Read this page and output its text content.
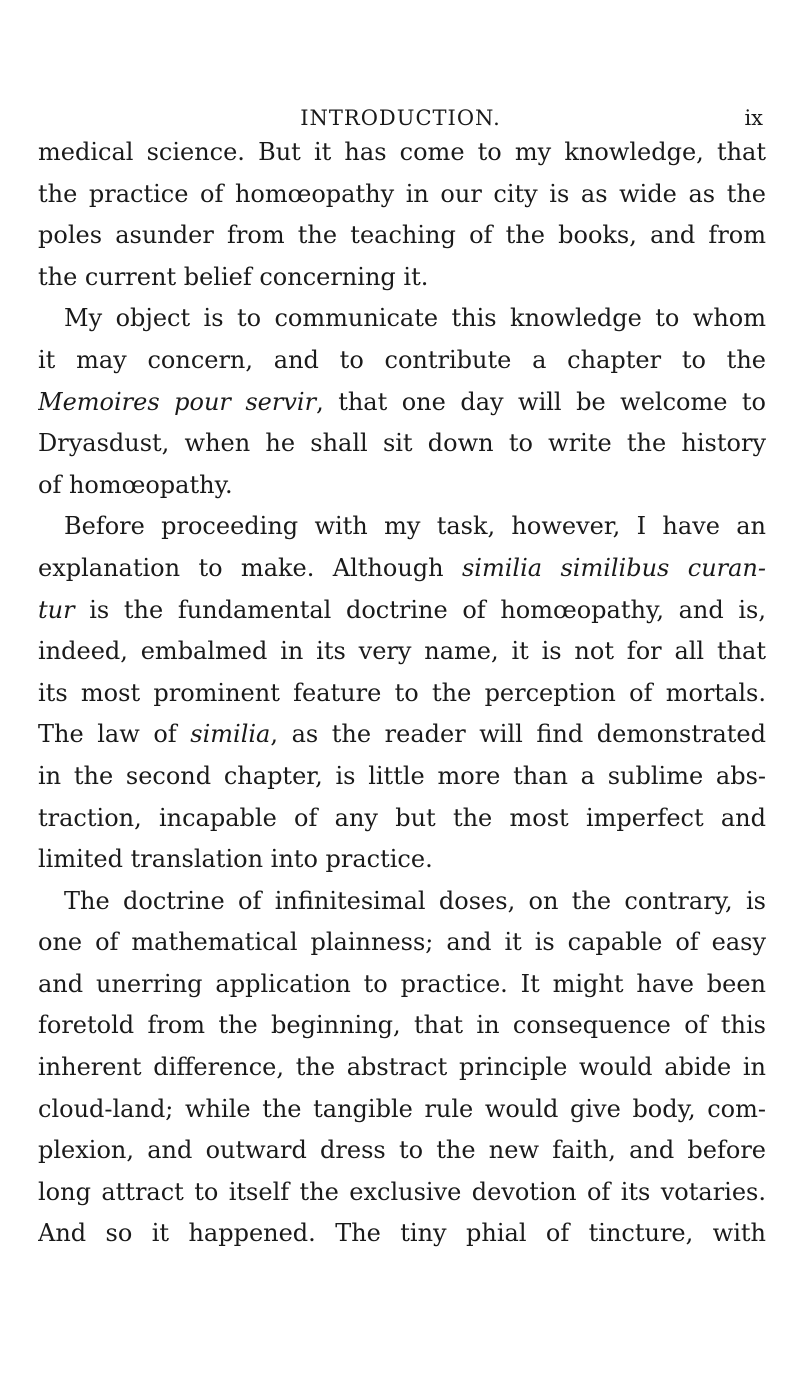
INTRODUCTION.	ix
medical science. But it has come to my knowledge, that
the practice of homœopathy in our city is as wide as the
poles asunder from the teaching of the books, and from
the current belief concerning it.
My object is to communicate this knowledge to whom
it may concern, and to contribute a chapter to the
Memoires pour servir, that one day will be welcome to
Dryasdust, when he shall sit down to write the history
of homœopathy.
Before proceeding with my task, however, I have an
explanation to make. Although similia similibus curan-
tur is the fundamental doctrine of homœopathy, and is,
indeed, embalmed in its very name, it is not for all that
its most prominent feature to the perception of mortals.
The law of similia, as the reader will find demonstrated
in the second chapter, is little more than a sublime abs-
traction, incapable of any but the most imperfect and
limited translation into practice.
The doctrine of infinitesimal doses, on the contrary, is
one of mathematical plainness; and it is capable of easy
and unerring application to practice. It might have been
foretold from the beginning, that in consequence of this
inherent difference, the abstract principle would abide in
cloud-land; while the tangible rule would give body, com-
plexion, and outward dress to the new faith, and before
long attract to itself the exclusive devotion of its votaries.
And so it happened. The tiny phial of tincture, with
